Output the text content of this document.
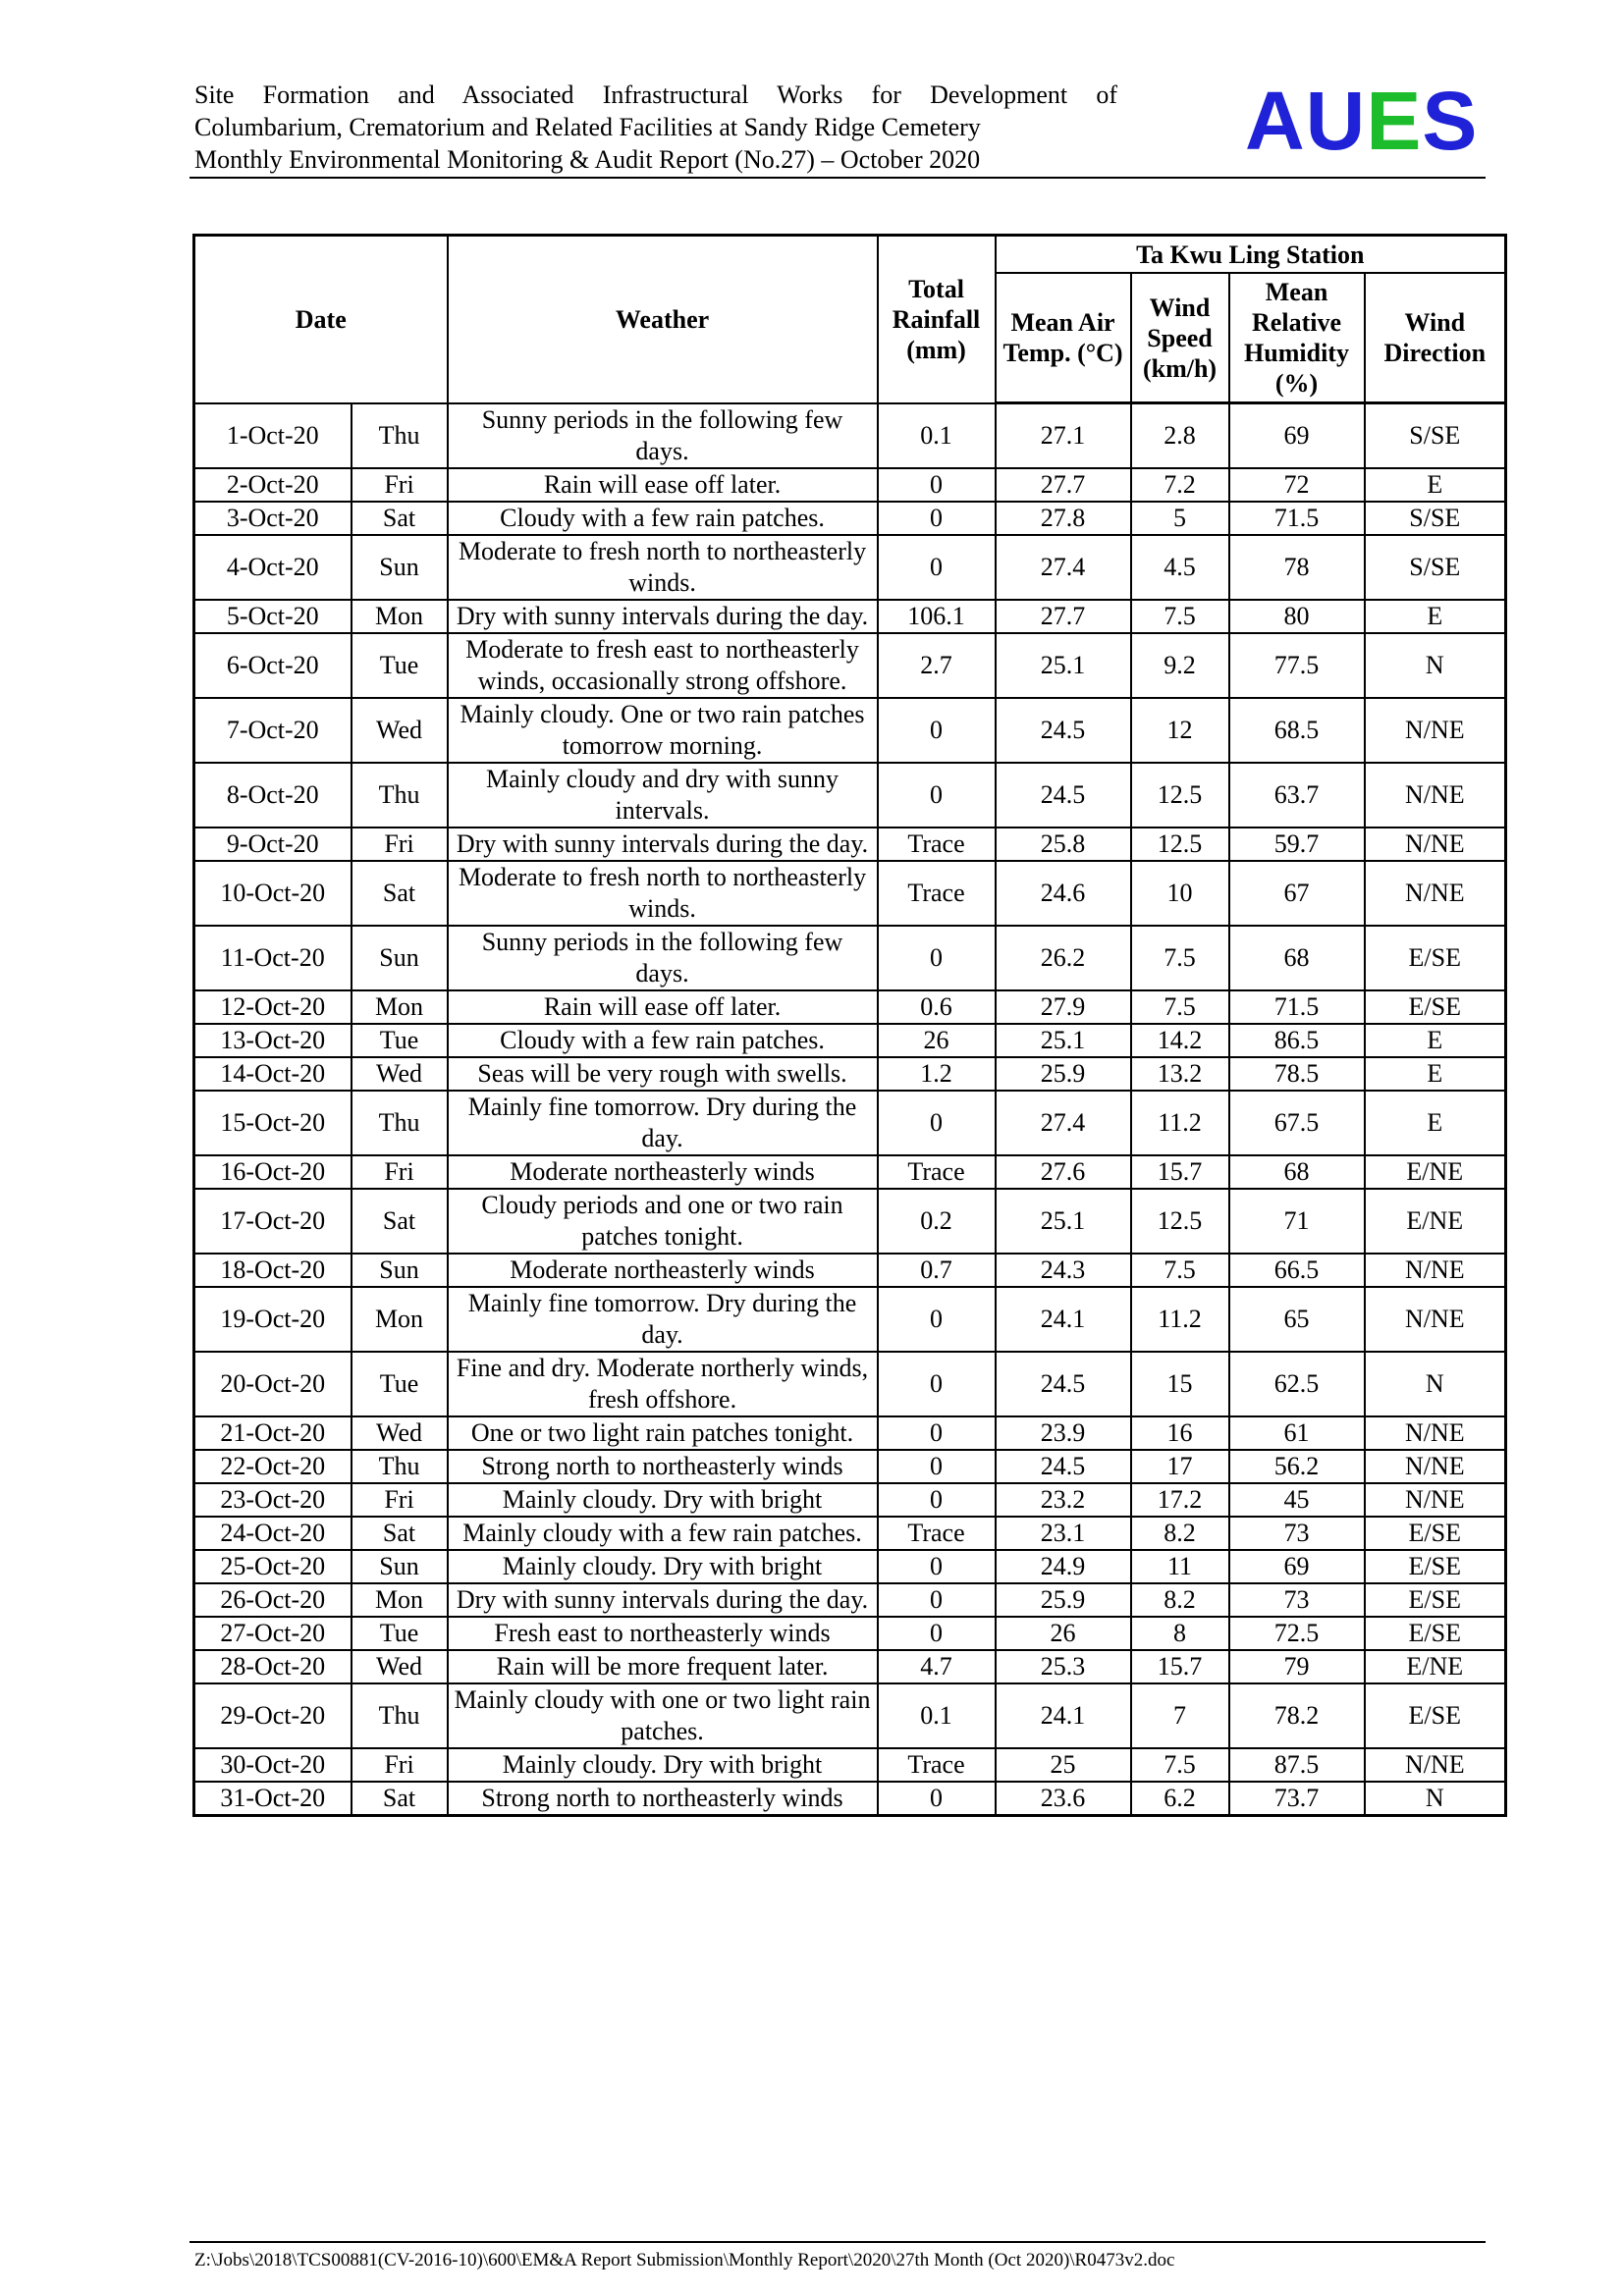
Site Formation and Associated Infrastructural Works for Development of
Columbarium, Crematorium and Related Facilities at Sandy Ridge Cemetery
Monthly Environmental Monitoring & Audit Report (No.27) – October 2020	AUES
Date		Weather	Total Rainfall (mm)	Ta Kwu Ling Station			
				Mean Air Temp. (°C)	Wind Speed (km/h)	Mean Relative Humidity (%)	Wind Direction
1-Oct-20	Thu	Sunny periods in the following few days.	0.1	27.1	2.8	69	S/SE
2-Oct-20	Fri	Rain will ease off later.	0	27.7	7.2	72	E
3-Oct-20	Sat	Cloudy with a few rain patches.	0	27.8	5	71.5	S/SE
4-Oct-20	Sun	Moderate to fresh north to northeasterly winds.	0	27.4	4.5	78	S/SE
5-Oct-20	Mon	Dry with sunny intervals during the day.	106.1	27.7	7.5	80	E
6-Oct-20	Tue	Moderate to fresh east to northeasterly winds, occasionally strong offshore.	2.7	25.1	9.2	77.5	N
7-Oct-20	Wed	Mainly cloudy. One or two rain patches tomorrow morning.	0	24.5	12	68.5	N/NE
8-Oct-20	Thu	Mainly cloudy and dry with sunny intervals.	0	24.5	12.5	63.7	N/NE
9-Oct-20	Fri	Dry with sunny intervals during the day.	Trace	25.8	12.5	59.7	N/NE
10-Oct-20	Sat	Moderate to fresh north to northeasterly winds.	Trace	24.6	10	67	N/NE
11-Oct-20	Sun	Sunny periods in the following few days.	0	26.2	7.5	68	E/SE
12-Oct-20	Mon	Rain will ease off later.	0.6	27.9	7.5	71.5	E/SE
13-Oct-20	Tue	Cloudy with a few rain patches.	26	25.1	14.2	86.5	E
14-Oct-20	Wed	Seas will be very rough with swells.	1.2	25.9	13.2	78.5	E
15-Oct-20	Thu	Mainly fine tomorrow. Dry during the day.	0	27.4	11.2	67.5	E
16-Oct-20	Fri	Moderate northeasterly winds	Trace	27.6	15.7	68	E/NE
17-Oct-20	Sat	Cloudy periods and one or two rain patches tonight.	0.2	25.1	12.5	71	E/NE
18-Oct-20	Sun	Moderate northeasterly winds	0.7	24.3	7.5	66.5	N/NE
19-Oct-20	Mon	Mainly fine tomorrow. Dry during the day.	0	24.1	11.2	65	N/NE
20-Oct-20	Tue	Fine and dry. Moderate northerly winds, fresh offshore.	0	24.5	15	62.5	N
21-Oct-20	Wed	One or two light rain patches tonight.	0	23.9	16	61	N/NE
22-Oct-20	Thu	Strong north to northeasterly winds	0	24.5	17	56.2	N/NE
23-Oct-20	Fri	Mainly cloudy. Dry with bright	0	23.2	17.2	45	N/NE
24-Oct-20	Sat	Mainly cloudy with a few rain patches.	Trace	23.1	8.2	73	E/SE
25-Oct-20	Sun	Mainly cloudy. Dry with bright	0	24.9	11	69	E/SE
26-Oct-20	Mon	Dry with sunny intervals during the day.	0	25.9	8.2	73	E/SE
27-Oct-20	Tue	Fresh east to northeasterly winds	0	26	8	72.5	E/SE
28-Oct-20	Wed	Rain will be more frequent later.	4.7	25.3	15.7	79	E/NE
29-Oct-20	Thu	Mainly cloudy with one or two light rain patches.	0.1	24.1	7	78.2	E/SE
30-Oct-20	Fri	Mainly cloudy. Dry with bright	Trace	25	7.5	87.5	N/NE
31-Oct-20	Sat	Strong north to northeasterly winds	0	23.6	6.2	73.7	N
Z:\Jobs\2018\TCS00881(CV-2016-10)\600\EM&A Report Submission\Monthly Report\2020\27th Month (Oct 2020)\R0473v2.doc
